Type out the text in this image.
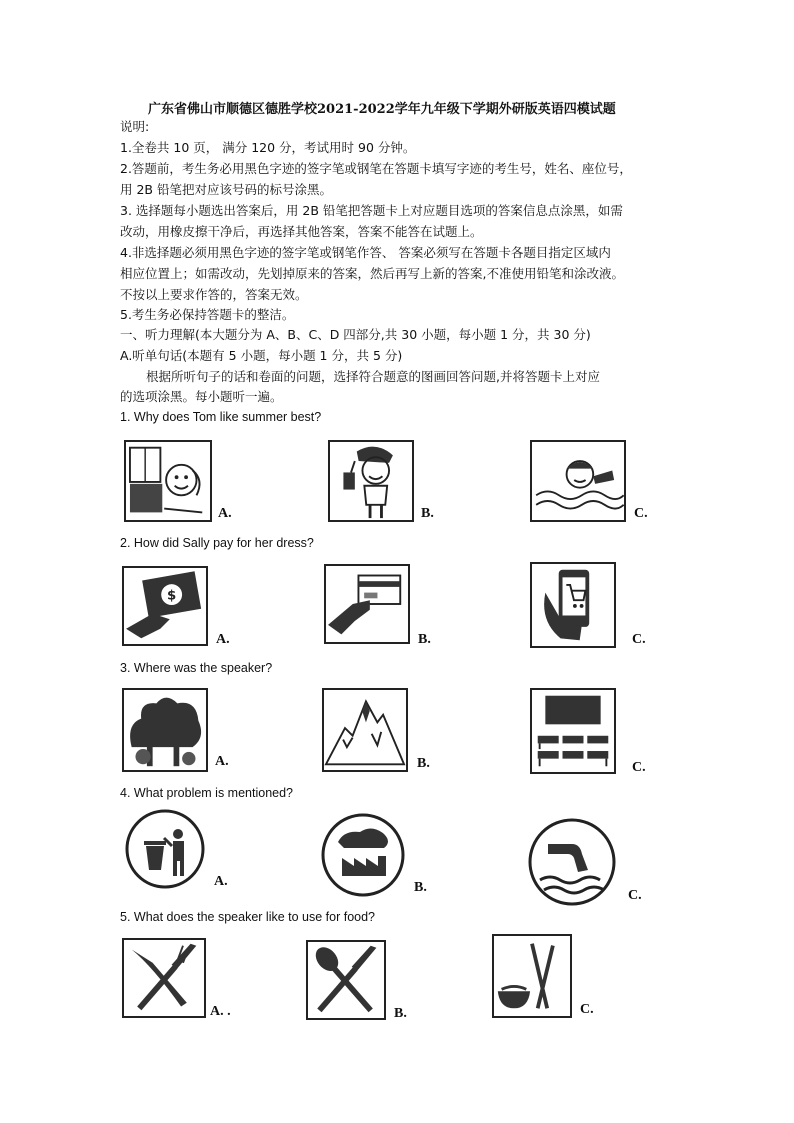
广东省佛山市顺德区德胜学校2021-2022学年九年级下学期外研版英语四模试题
说明:
1.全卷共 10 页， 满分 120 分，考试用时 90 分钟。
2.答题前，考生务必用黑色字迹的签字笔或钢笔在答题卡填写字迹的考生号，姓名、座位号，
用 2B 铅笔把对应该号码的标号涂黑。
3. 选择题每小题选出答案后，用 2B 铅笔把答题卡上对应题目选项的答案信息点涂黑，如需
改动，用橡皮擦干净后，再选择其他答案，答案不能答在试题上。
4.非选择题必须用黑色字迹的签字笔或钢笔作答、 答案必须写在答题卡各题目指定区域内
相应位置上；如需改动，先划掉原来的答案，然后再写上新的答案,不准使用铅笔和涂改液。
不按以上要求作答的，答案无效。
5.考生务必保持答题卡的整洁。
一、听力理解(本大题分为 A、B、C、D 四部分,共 30 小题，每小题 1 分，共 30 分)
A.听单句话(本题有 5 小题，每小题 1 分，共 5 分)
根据所听句子的话和卷面的问题，选择符合题意的图画回答问题,并将答题卡上对应
的选项涂黑。每小题听一遍。
1. Why does Tom like summer best?
A.	B.	C.
2. How did Sally pay for her dress?
$
A.	B.	C.
3. Where was the speaker?
A.	B.	C.
4. What problem is mentioned?
A.	B.
C.
5. What does the speaker like to use for food?
A. .	B.	C.
